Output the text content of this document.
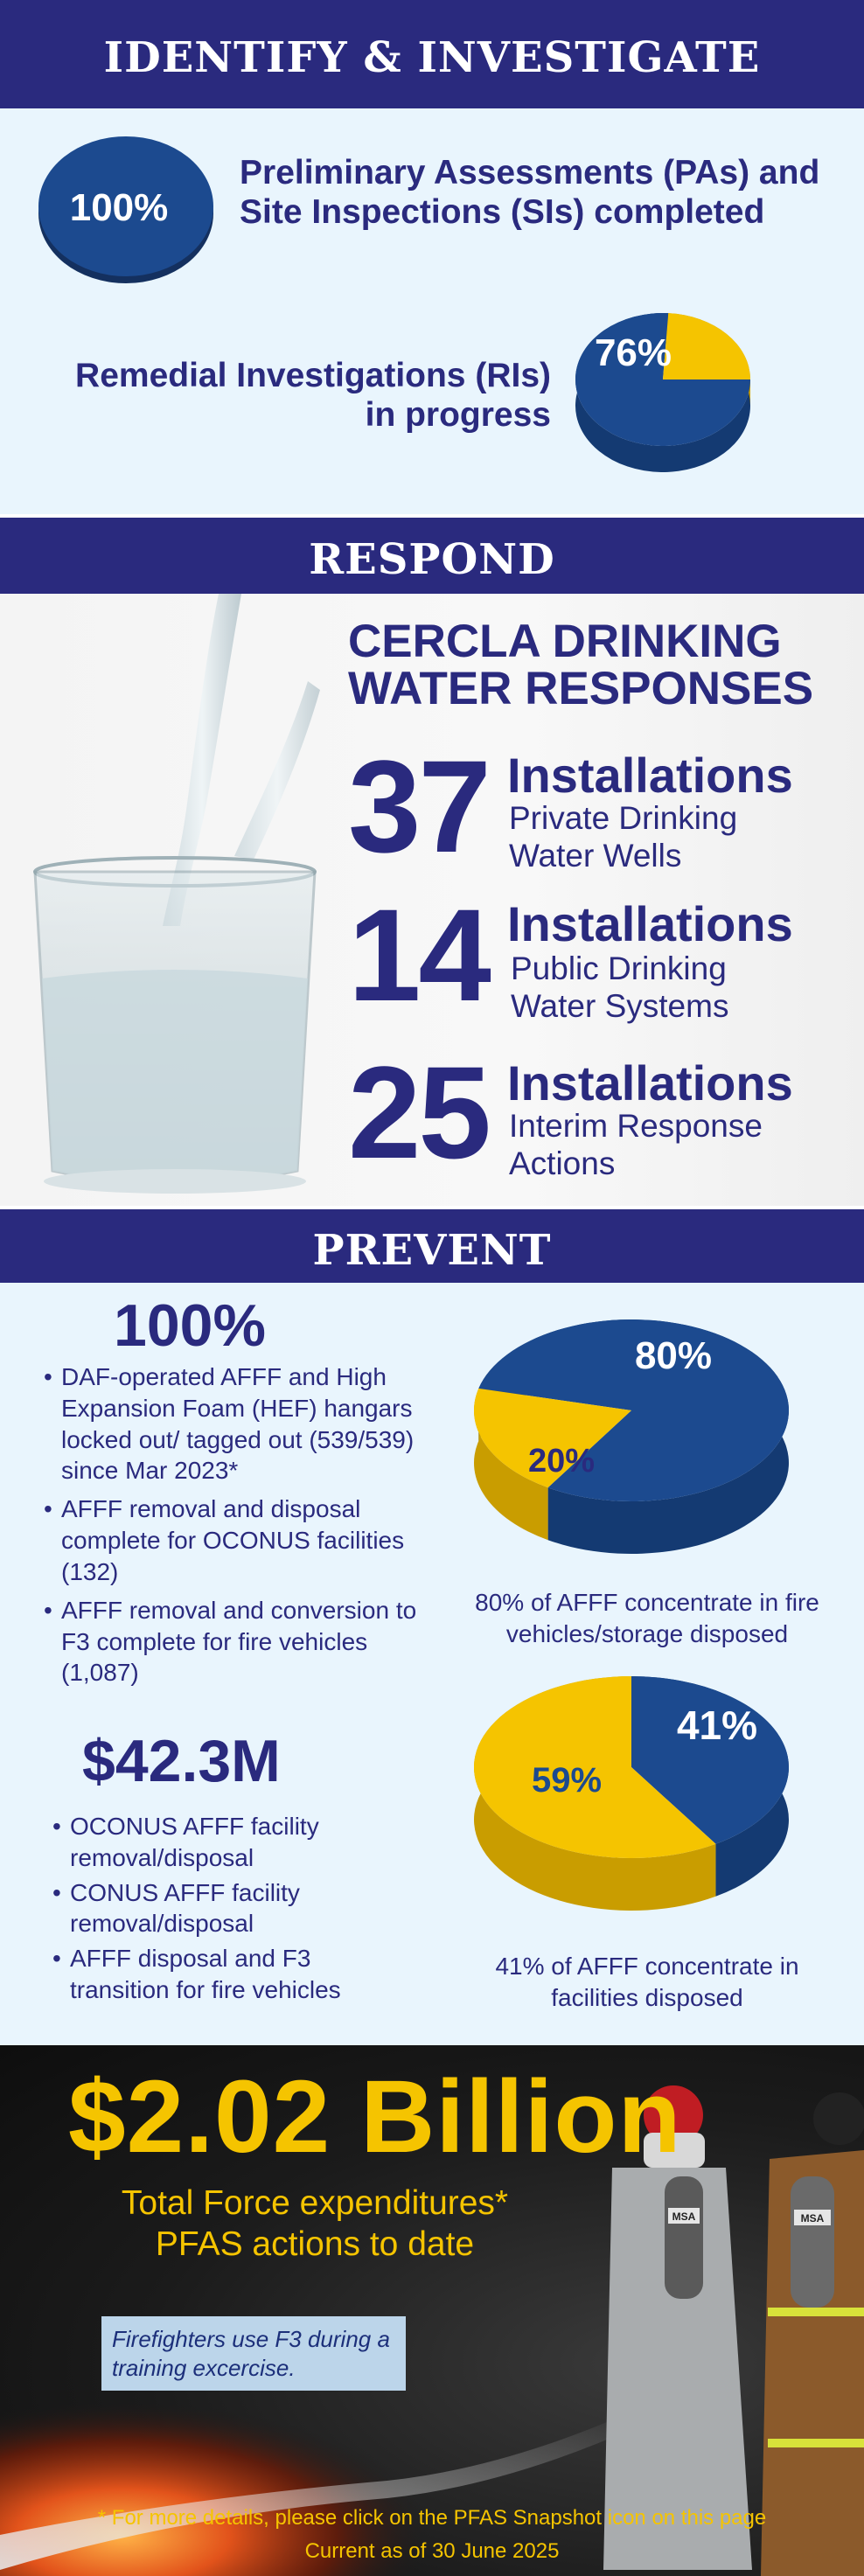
IDENTIFY & INVESTIGATE
100%
Preliminary Assessments (PAs) and Site Inspections (SIs) completed
Remedial Investigations (RIs) in progress
76%
RESPOND
CERCLA DRINKING WATER RESPONSES
37 Installations
Private Drinking Water Wells
14 Installations
Public Drinking Water Systems
25 Installations
Interim Response Actions
PREVENT
100%
• DAF-operated AFFF and High Expansion Foam (HEF) hangars locked out/ tagged out (539/539) since Mar 2023*
• AFFF removal and disposal complete for OCONUS facilities (132)
• AFFF removal and conversion to F3 complete for fire vehicles (1,087)
$42.3M
• OCONUS AFFF facility removal/disposal
• CONUS AFFF facility removal/disposal
• AFFF disposal and F3 transition for fire vehicles
80%
20%
80% of AFFF concentrate in fire vehicles/storage disposed
41%
59%
41% of AFFF concentrate in facilities disposed
MSA	MSA
$2.02 Billion
Total Force expenditures* PFAS actions to date
Firefighters use F3 during a training excercise.
* For more details, please click on the PFAS Snapshot icon on this page
Current as of 30 June 2025
